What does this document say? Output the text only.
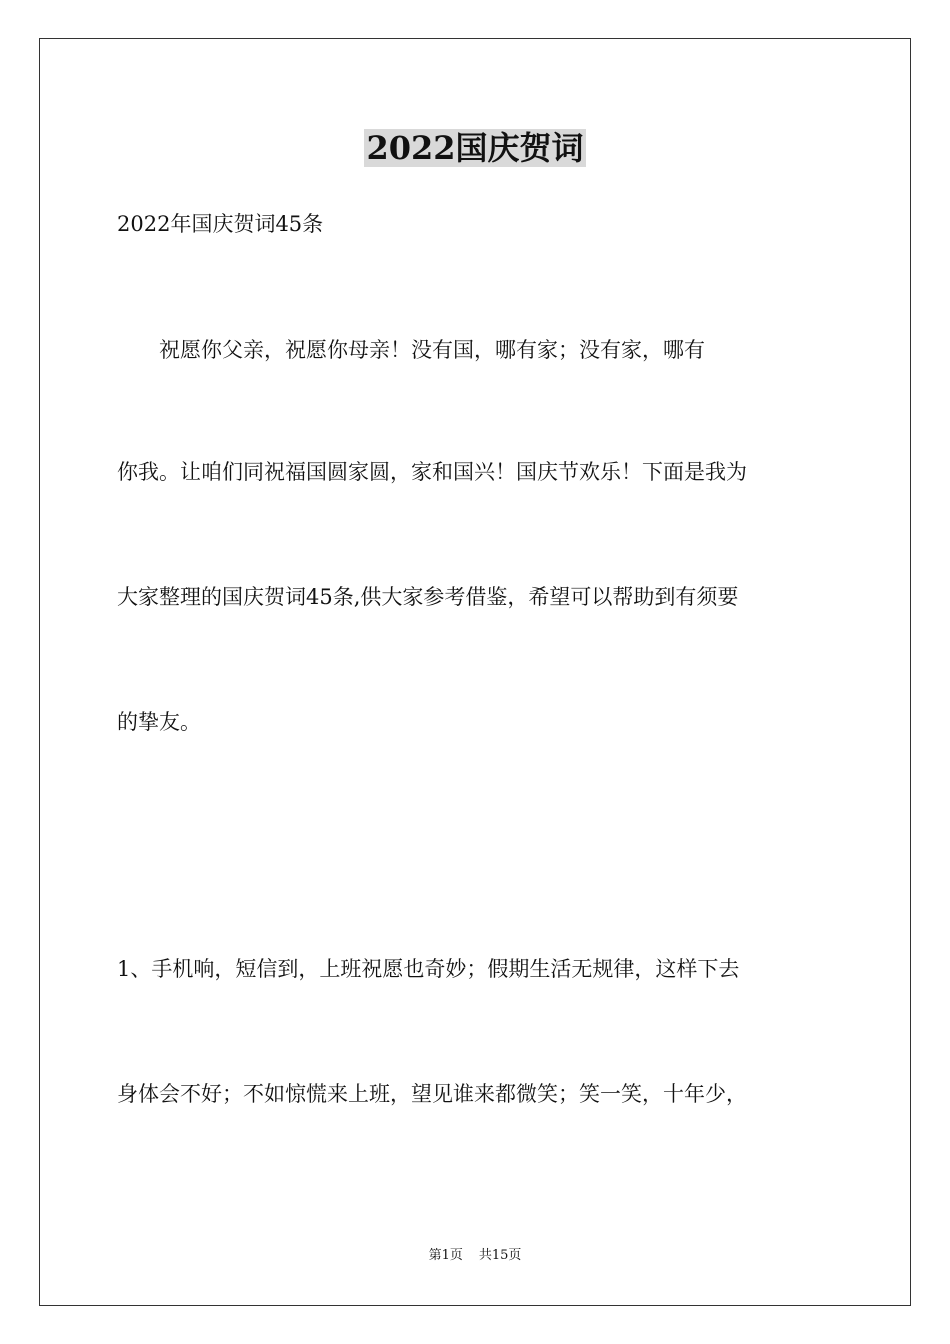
2022国庆贺词
2022年国庆贺词45条
　　祝愿你父亲，祝愿你母亲！没有国，哪有家；没有家，哪有
你我。让咱们同祝福国圆家圆，家和国兴！国庆节欢乐！下面是我为
大家整理的国庆贺词45条,供大家参考借鉴，希望可以帮助到有须要
的挚友。
1、手机响，短信到，上班祝愿也奇妙；假期生活无规律，这样下去
身体会不好；不如惊慌来上班，望见谁来都微笑；笑一笑，十年少，
第1页 共15页
